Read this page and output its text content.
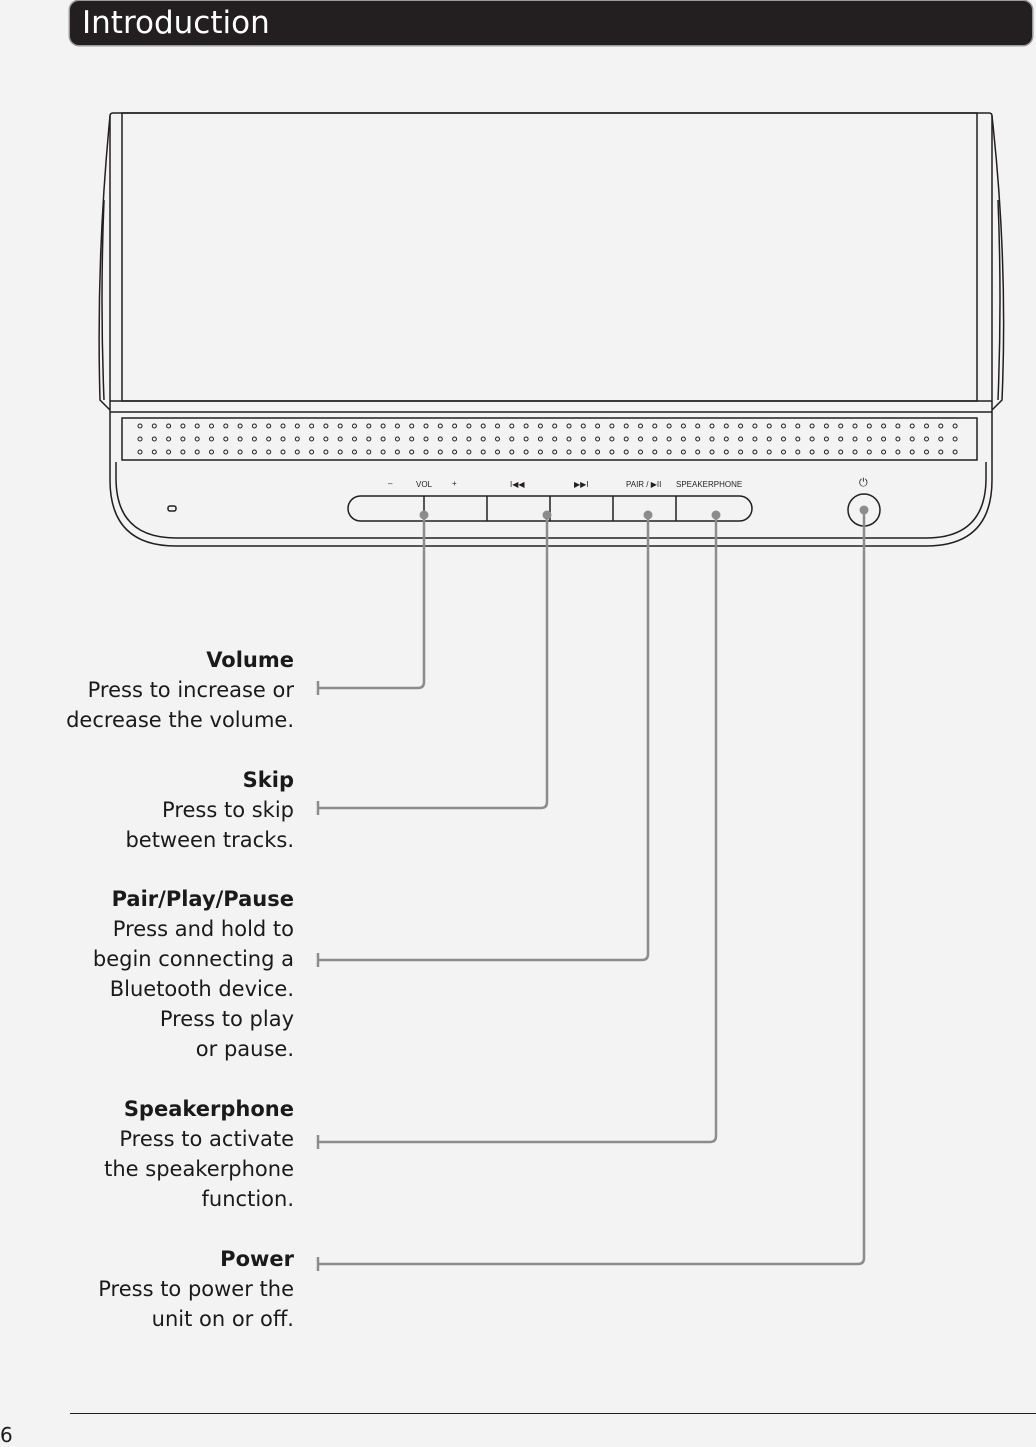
Introduction
–	VOL +	I◀◀	▶▶I	PAIR / ▶II SPEAKERPHONE	⏻
Volume
Press to increase or
decrease the volume.
Skip
Press to skip
between tracks.
Pair/Play/Pause
Press and hold to
begin connecting a
Bluetooth device.
Press to play
or pause.
Speakerphone
Press to activate
the speakerphone
function.
Power
Press to power the
unit on or off.
6
